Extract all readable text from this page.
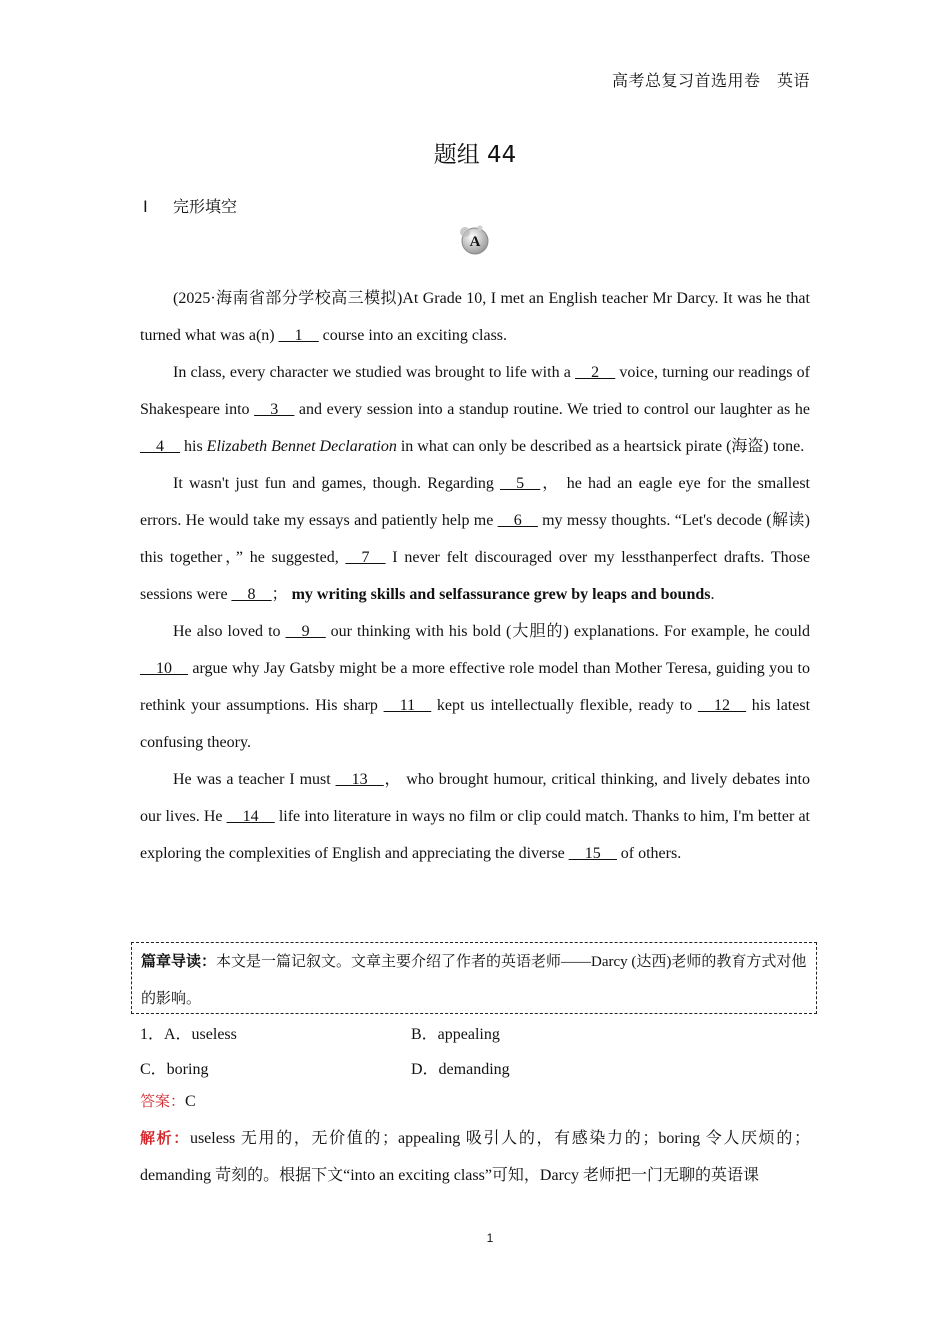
高考总复习首选用卷　英语
题组 44
Ⅰ 完形填空
A

(2025·海南省部分学校高三模拟)At Grade 10, I met an English teacher Mr Darcy. It was he that turned what was a(n) __1__ course into an exciting class.

In class, every character we studied was brought to life with a __2__ voice, turning our readings of Shakespeare into __3__ and every session into a standup routine. We tried to control our laughter as he __4__ his Elizabeth Bennet Declaration in what can only be described as a heartsick pirate (海盗) tone.

It wasn't just fun and games, though. Regarding __5__， he had an eagle eye for the smallest errors. He would take my essays and patiently help me __6__ my messy thoughts. “Let's decode (解读) this together，” he suggested, __7__ I never felt discouraged over my lessthanperfect drafts. Those sessions were __8__； my writing skills and selfassurance grew by leaps and bounds.

He also loved to __9__ our thinking with his bold (大胆的) explanations. For example, he could __10__ argue why Jay Gatsby might be a more effective role model than Mother Teresa, guiding you to rethink your assumptions. His sharp __11__ kept us intellectually flexible, ready to __12__ his latest confusing theory.

He was a teacher I must __13__， who brought humour, critical thinking, and lively debates into our lives. He __14__ life into literature in ways no film or clip could match. Thanks to him, I'm better at exploring the complexities of English and appreciating the diverse __15__ of others.

篇章导读：本文是一篇记叙文。文章主要介绍了作者的英语老师——Darcy (达西)老师的教育方式对他的影响。
1． A．useless	B．appealing
C．boring	D．demanding
答案：C
解析：useless 无用的，无价值的；appealing 吸引人的，有感染力的；boring 令人厌烦的；demanding 苛刻的。根据下文“into an exciting class”可知，Darcy 老师把一门无聊的英语课
1
